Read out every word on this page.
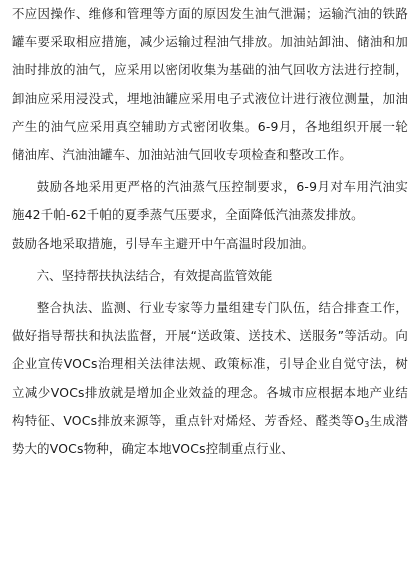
不应因操作、维修和管理等方面的原因发生油气泄漏；运输汽油的铁路罐车要采取相应措施，减少运输过程油气排放。加油站卸油、储油和加油时排放的油气，应采用以密闭收集为基础的油气回收方法进行控制，卸油应采用浸没式，埋地油罐应采用电子式液位计进行液位测量，加油产生的油气应采用真空辅助方式密闭收集。6-9月，各地组织开展一轮储油库、汽油油罐车、加油站油气回收专项检查和整改工作。

鼓励各地采用更严格的汽油蒸气压控制要求，6-9月对车用汽油实施42千帕-62千帕的夏季蒸气压要求，全面降低汽油蒸发排放。

鼓励各地采取措施，引导车主避开中午高温时段加油。

六、坚持帮扶执法结合，有效提高监管效能

整合执法、监测、行业专家等力量组建专门队伍，结合排查工作，做好指导帮扶和执法监督，开展“送政策、送技术、送服务”等活动。向企业宣传VOCs治理相关法律法规、政策标准，引导企业自觉守法，树立减少VOCs排放就是增加企业效益的理念。各城市应根据本地产业结构特征、VOCs排放来源等，重点针对烯烃、芳香烃、醛类等$O_3$生成潜势大的VOCs物种，确定本地VOCs控制重点行业、
